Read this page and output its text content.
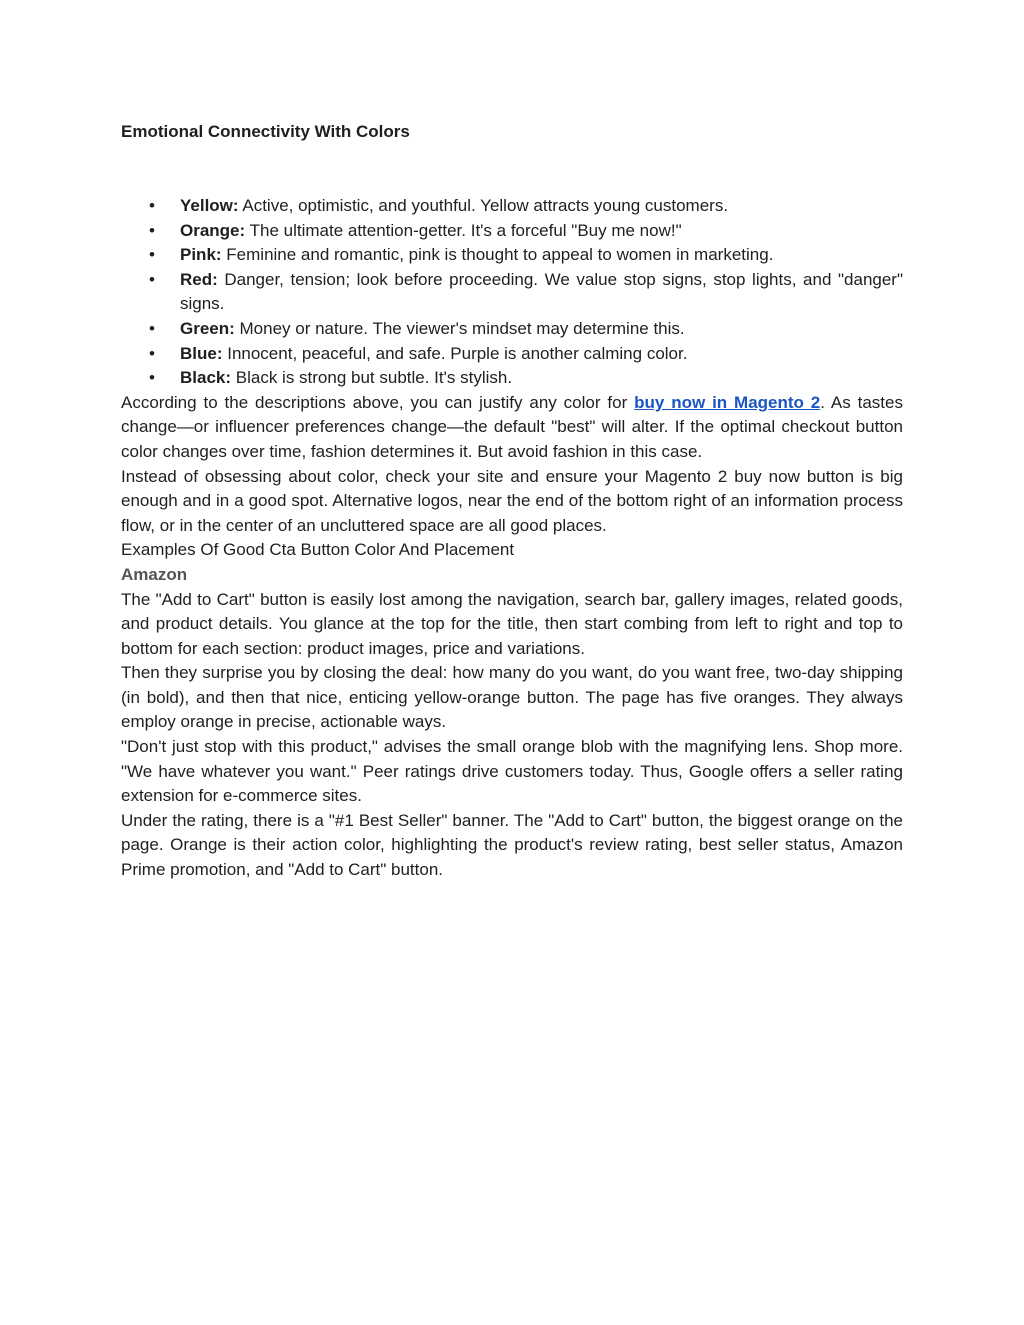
Emotional Connectivity With Colors
• Yellow: Active, optimistic, and youthful. Yellow attracts young customers.
• Orange: The ultimate attention-getter. It's a forceful "Buy me now!"
• Pink: Feminine and romantic, pink is thought to appeal to women in marketing.
• Red: Danger, tension; look before proceeding. We value stop signs, stop lights, and "danger" signs.
• Green: Money or nature. The viewer's mindset may determine this.
• Blue: Innocent, peaceful, and safe. Purple is another calming color.
• Black: Black is strong but subtle. It's stylish.

According to the descriptions above, you can justify any color for buy now in Magento 2. As tastes change—or influencer preferences change—the default "best" will alter. If the optimal checkout button color changes over time, fashion determines it. But avoid fashion in this case.

Instead of obsessing about color, check your site and ensure your Magento 2 buy now button is big enough and in a good spot. Alternative logos, near the end of the bottom right of an information process flow, or in the center of an uncluttered space are all good places.

Examples Of Good Cta Button Color And Placement

Amazon

The "Add to Cart" button is easily lost among the navigation, search bar, gallery images, related goods, and product details. You glance at the top for the title, then start combing from left to right and top to bottom for each section: product images, price and variations.

Then they surprise you by closing the deal: how many do you want, do you want free, two-day shipping (in bold), and then that nice, enticing yellow-orange button. The page has five oranges. They always employ orange in precise, actionable ways.

"Don't just stop with this product," advises the small orange blob with the magnifying lens. Shop more. "We have whatever you want." Peer ratings drive customers today. Thus, Google offers a seller rating extension for e-commerce sites.

Under the rating, there is a "#1 Best Seller" banner. The "Add to Cart" button, the biggest orange on the page. Orange is their action color, highlighting the product's review rating, best seller status, Amazon Prime promotion, and "Add to Cart" button.
